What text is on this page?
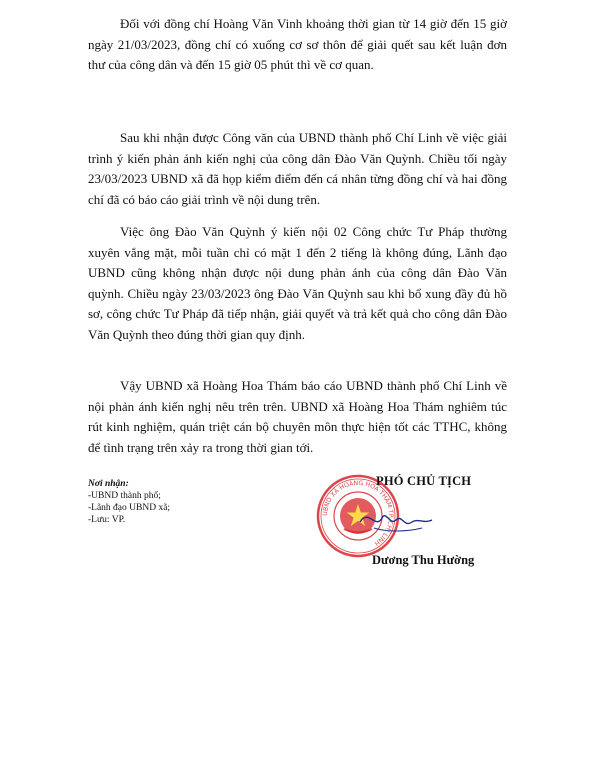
Đối với đồng chí Hoàng Văn Vinh khoảng thời gian từ 14 giờ đến 15 giờ ngày 21/03/2023, đồng chí có xuống cơ sơ thôn để giải quết sau kết luận đơn thư của công dân và đến 15 giờ 05 phút thì về cơ quan.

Sau khi nhận được Công văn của UBND thành phố Chí Linh về việc giải trình ý kiến phản ánh kiến nghị của công dân Đào Văn Quỳnh. Chiều tối ngày 23/03/2023 UBND xã đã họp kiểm điểm đến cá nhân từng đồng chí và hai đồng chí đã có báo cáo giải trình về nội dung trên.

Việc ông Đào Văn Quỳnh ý kiến nội 02 Công chức Tư Pháp thường xuyên vắng mặt, mỗi tuần chỉ có mặt 1 đến 2 tiếng là không đúng, Lãnh đạo UBND cũng không nhận được nội dung phản ánh của công dân Đào Văn quỳnh. Chiều ngày 23/03/2023 ông Đào Văn Quỳnh sau khi bổ xung đầy đủ hồ sơ, công chức Tư Pháp đã tiếp nhận, giải quyết và trả kết quả cho công dân Đào Văn Quỳnh theo đúng thời gian quy định.

Vậy UBND xã Hoàng Hoa Thám báo cáo UBND thành phố Chí Linh về nội phản ánh kiến nghị nêu trên trên. UBND xã Hoàng Hoa Thám nghiêm túc rút kinh nghiệm, quán triệt cán bộ chuyên môn thực hiện tốt các TTHC, không để tình trạng trên xảy ra trong thời gian tới.

Nơi nhận:
-UBND thành phố;
-Lãnh đạo UBND xã;
-Lưu: VP.
UBND XÃ HOÀNG HOA THÁM TP. CHÍ LINH
PHÓ CHỦ TỊCH
Dương Thu Hường
